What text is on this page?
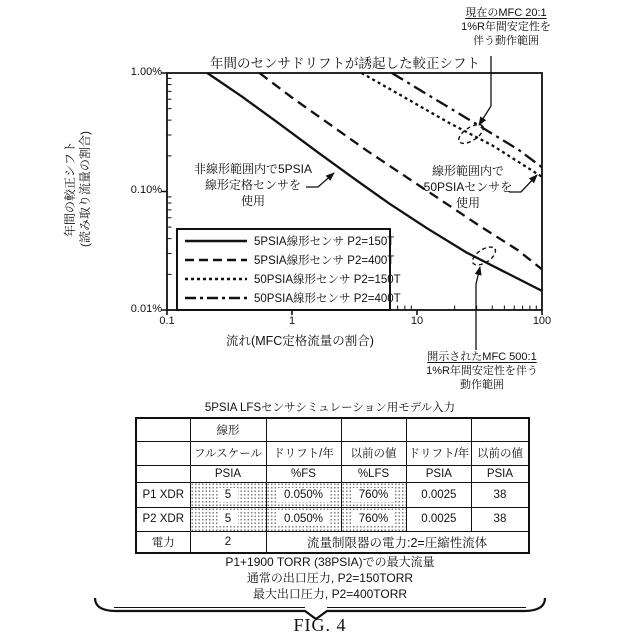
年間のセンサドリフトが誘起した較正シフト
年間の較正シフト (読み取り流量の割合)
1.00%
0.10%
0.01%
0.1	1	10	100
流れ(MFC定格流量の割合)
現在のMFC 20:1
1%R年間安定性を
伴う動作範囲
非線形範囲内で5PSIA
線形定格センサを
使用
線形範囲内で
50PSIAセンサを
使用
開示されたMFC 500:1
1%R年間安定性を伴う
動作範囲
5PSIA線形センサ P2=150T
5PSIA線形センサ P2=400T
50PSIA線形センサ P2=150T
50PSIA線形センサ P2=400T
5PSIA LFSセンサシミュレーション用モデル入力
	線形				
	フルスケール	ドリフト/年	以前の値	ドリフト/年	以前の値
	PSIA	%FS	%LFS	PSIA	PSIA
P1 XDR	5	0.050%	760%	0.0025	38
P2 XDR	5	0.050%	760%	0.0025	38
電力	2	流量制限器の電力:2=圧縮性流体			
P1+1900 TORR (38PSIA)での最大流量
通常の出口圧力, P2=150TORR
最大出口圧力, P2=400TORR
FIG. 4
